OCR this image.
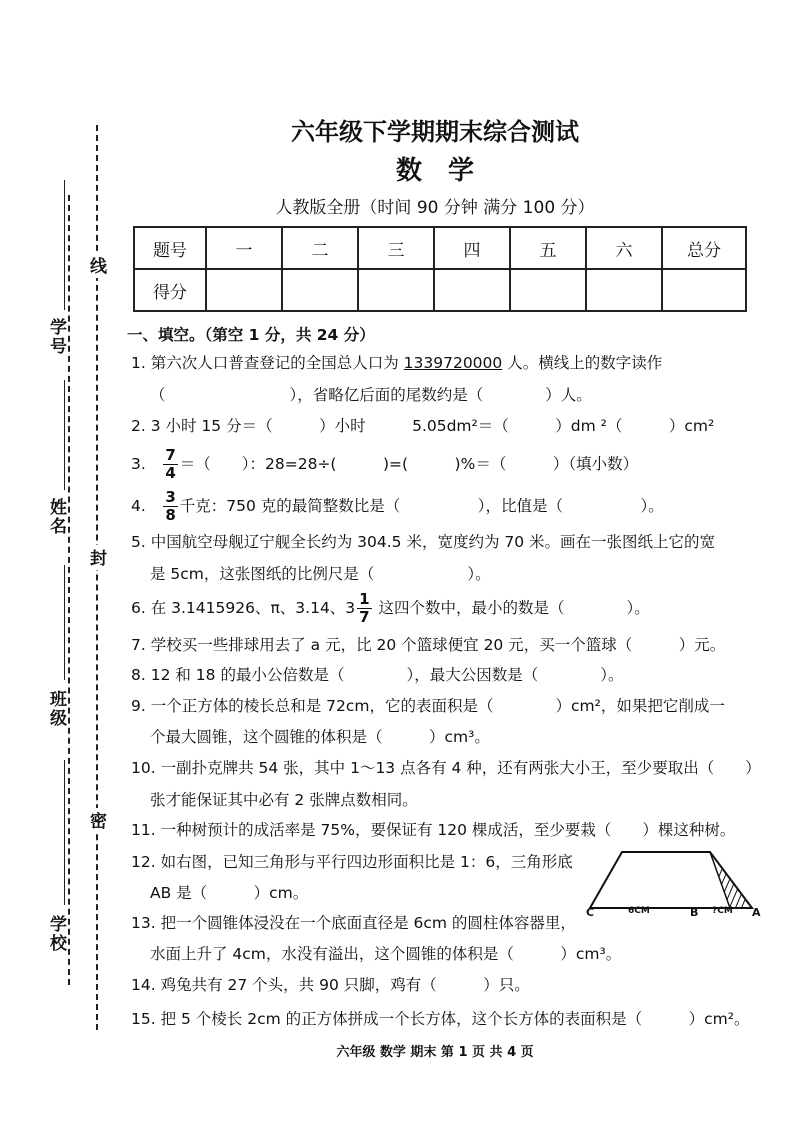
学号
姓名
班级
学校
线
封
密
六年级下学期期末综合测试
数　学
人教版全册（时间 90 分钟 满分 100 分）
题号	一	二	三	四	五	六	总分
得分							
一、填空。（第空 1 分，共 24 分）
1. 第六次人口普查登记的全国总人口为 1339720000 人。横线上的数字读作
（　　　　　　　　），省略亿后面的尾数约是（　　　　）人。
2. 3 小时 15 分＝（　　　）小时　　　5.05dm²＝（　　　）dm ²（　　　）cm²
3.　 $\frac{7}{4}$ ＝（　　）：28=28÷(　　　)=(　　　)%＝（　　　）（填小数）
4.　 $\frac{3}{8}$ 千克：750 克的最简整数比是（　　　　　），比值是（　　　　　）。
5. 中国航空母舰辽宁舰全长约为 304.5 米，宽度约为 70 米。画在一张图纸上它的宽
是 5cm，这张图纸的比例尺是（　　　　　　）。
6. 在 3.1415926、π、3.14、$3 \frac{1}{7}$ 这四个数中，最小的数是（　　　　）。
7. 学校买一些排球用去了 a 元，比 20 个篮球便宜 20 元，买一个篮球（　　　）元。
8. 12 和 18 的最小公倍数是（　　　　），最大公因数是（　　　　）。
9. 一个正方体的棱长总和是 72cm，它的表面积是（　　　　）cm²，如果把它削成一
个最大圆锥，这个圆锥的体积是（　　　）cm³。
10. 一副扑克牌共 54 张，其中 1～13 点各有 4 种，还有两张大小王，至少要取出（　　）
张才能保证其中必有 2 张牌点数相同。
11. 一种树预计的成活率是 75%，要保证有 120 棵成活，至少要栽（　　）棵这种树。
12. 如右图，已知三角形与平行四边形面积比是 1：6，三角形底
AB 是（　　　）cm。
13. 把一个圆锥体浸没在一个底面直径是 6cm 的圆柱体容器里，
水面上升了 4cm，水没有溢出，这个圆锥的体积是（　　　）cm³。
14. 鸡兔共有 27 个头，共 90 只脚，鸡有（　　　）只。
15. 把 5 个棱长 2cm 的正方体拼成一个长方体，这个长方体的表面积是（　　　）cm²。
C	6CM	B ?CM A
六年级 数学 期末 第 1 页 共 4 页
